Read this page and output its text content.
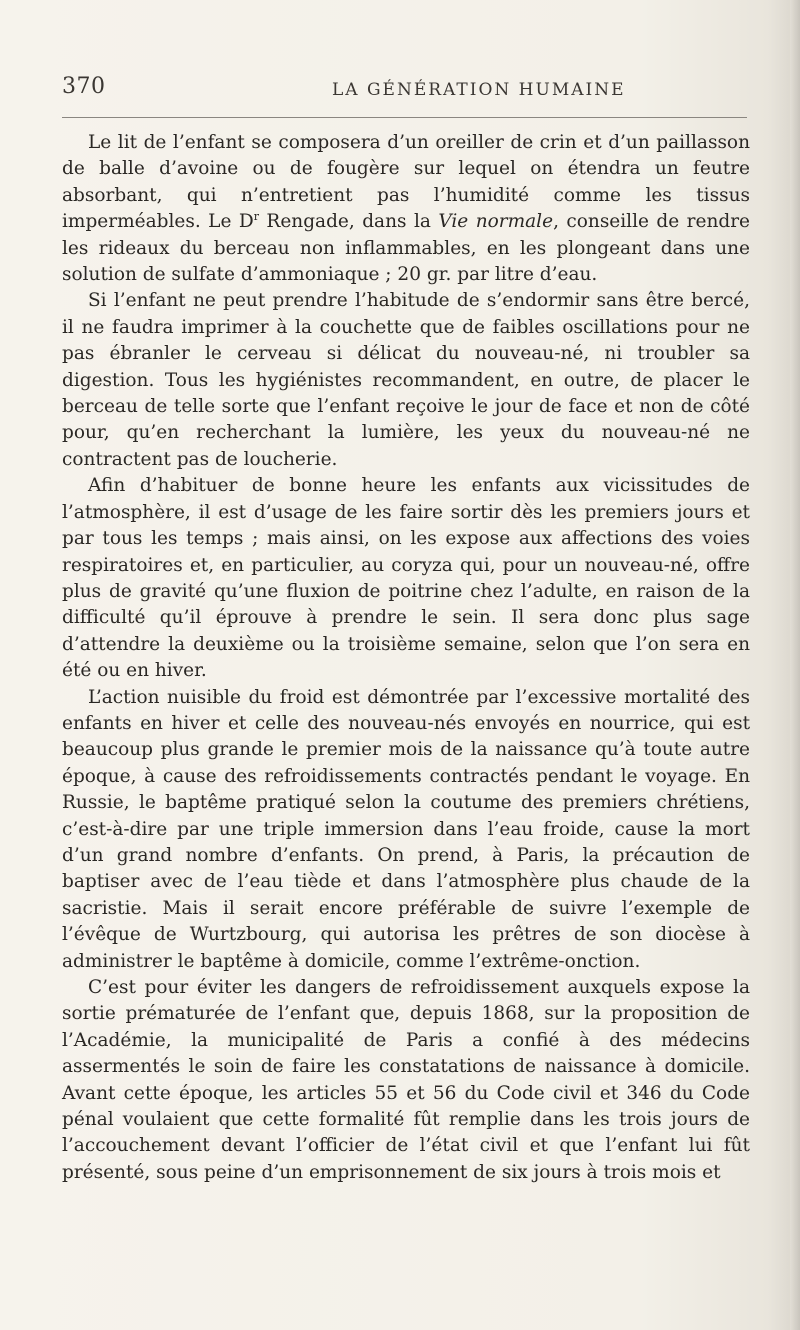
370	LA GÉNÉRATION HUMAINE

Le lit de l’enfant se composera d’un oreiller de crin et d’un paillasson de balle d’avoine ou de fougère sur lequel on étendra un feutre absorbant, qui n’entretient pas l’humidité comme les tissus imperméables. Le $D^r$ Rengade, dans la Vie normale, conseille de rendre les rideaux du berceau non inflammables, en les plongeant dans une solution de sulfate d’ammoniaque ; 20 gr. par litre d’eau.

Si l’enfant ne peut prendre l’habitude de s’endormir sans être bercé, il ne faudra imprimer à la couchette que de faibles oscillations pour ne pas ébranler le cerveau si délicat du nouveau-né, ni troubler sa digestion. Tous les hygiénistes recommandent, en outre, de placer le berceau de telle sorte que l’enfant reçoive le jour de face et non de côté pour, qu’en recherchant la lumière, les yeux du nouveau-né ne contractent pas de loucherie.

Afin d’habituer de bonne heure les enfants aux vicissitudes de l’atmosphère, il est d’usage de les faire sortir dès les premiers jours et par tous les temps ; mais ainsi, on les expose aux affections des voies respiratoires et, en particulier, au coryza qui, pour un nouveau-né, offre plus de gravité qu’une fluxion de poitrine chez l’adulte, en raison de la difficulté qu’il éprouve à prendre le sein. Il sera donc plus sage d’attendre la deuxième ou la troisième semaine, selon que l’on sera en été ou en hiver.

L’action nuisible du froid est démontrée par l’excessive mortalité des enfants en hiver et celle des nouveau-nés envoyés en nourrice, qui est beaucoup plus grande le premier mois de la naissance qu’à toute autre époque, à cause des refroidissements contractés pendant le voyage. En Russie, le baptême pratiqué selon la coutume des premiers chrétiens, c’est-à-dire par une triple immersion dans l’eau froide, cause la mort d’un grand nombre d’enfants. On prend, à Paris, la précaution de baptiser avec de l’eau tiède et dans l’atmosphère plus chaude de la sacristie. Mais il serait encore préférable de suivre l’exemple de l’évêque de Wurtzbourg, qui autorisa les prêtres de son diocèse à administrer le baptême à domicile, comme l’extrême-onction.

C’est pour éviter les dangers de refroidissement auxquels expose la sortie prématurée de l’enfant que, depuis 1868, sur la proposition de l’Académie, la municipalité de Paris a confié à des médecins assermentés le soin de faire les constatations de naissance à domicile. Avant cette époque, les articles 55 et 56 du Code civil et 346 du Code pénal voulaient que cette formalité fût remplie dans les trois jours de l’accouchement devant l’officier de l’état civil et que l’enfant lui fût présenté, sous peine d’un emprisonnement de six jours à trois mois et
